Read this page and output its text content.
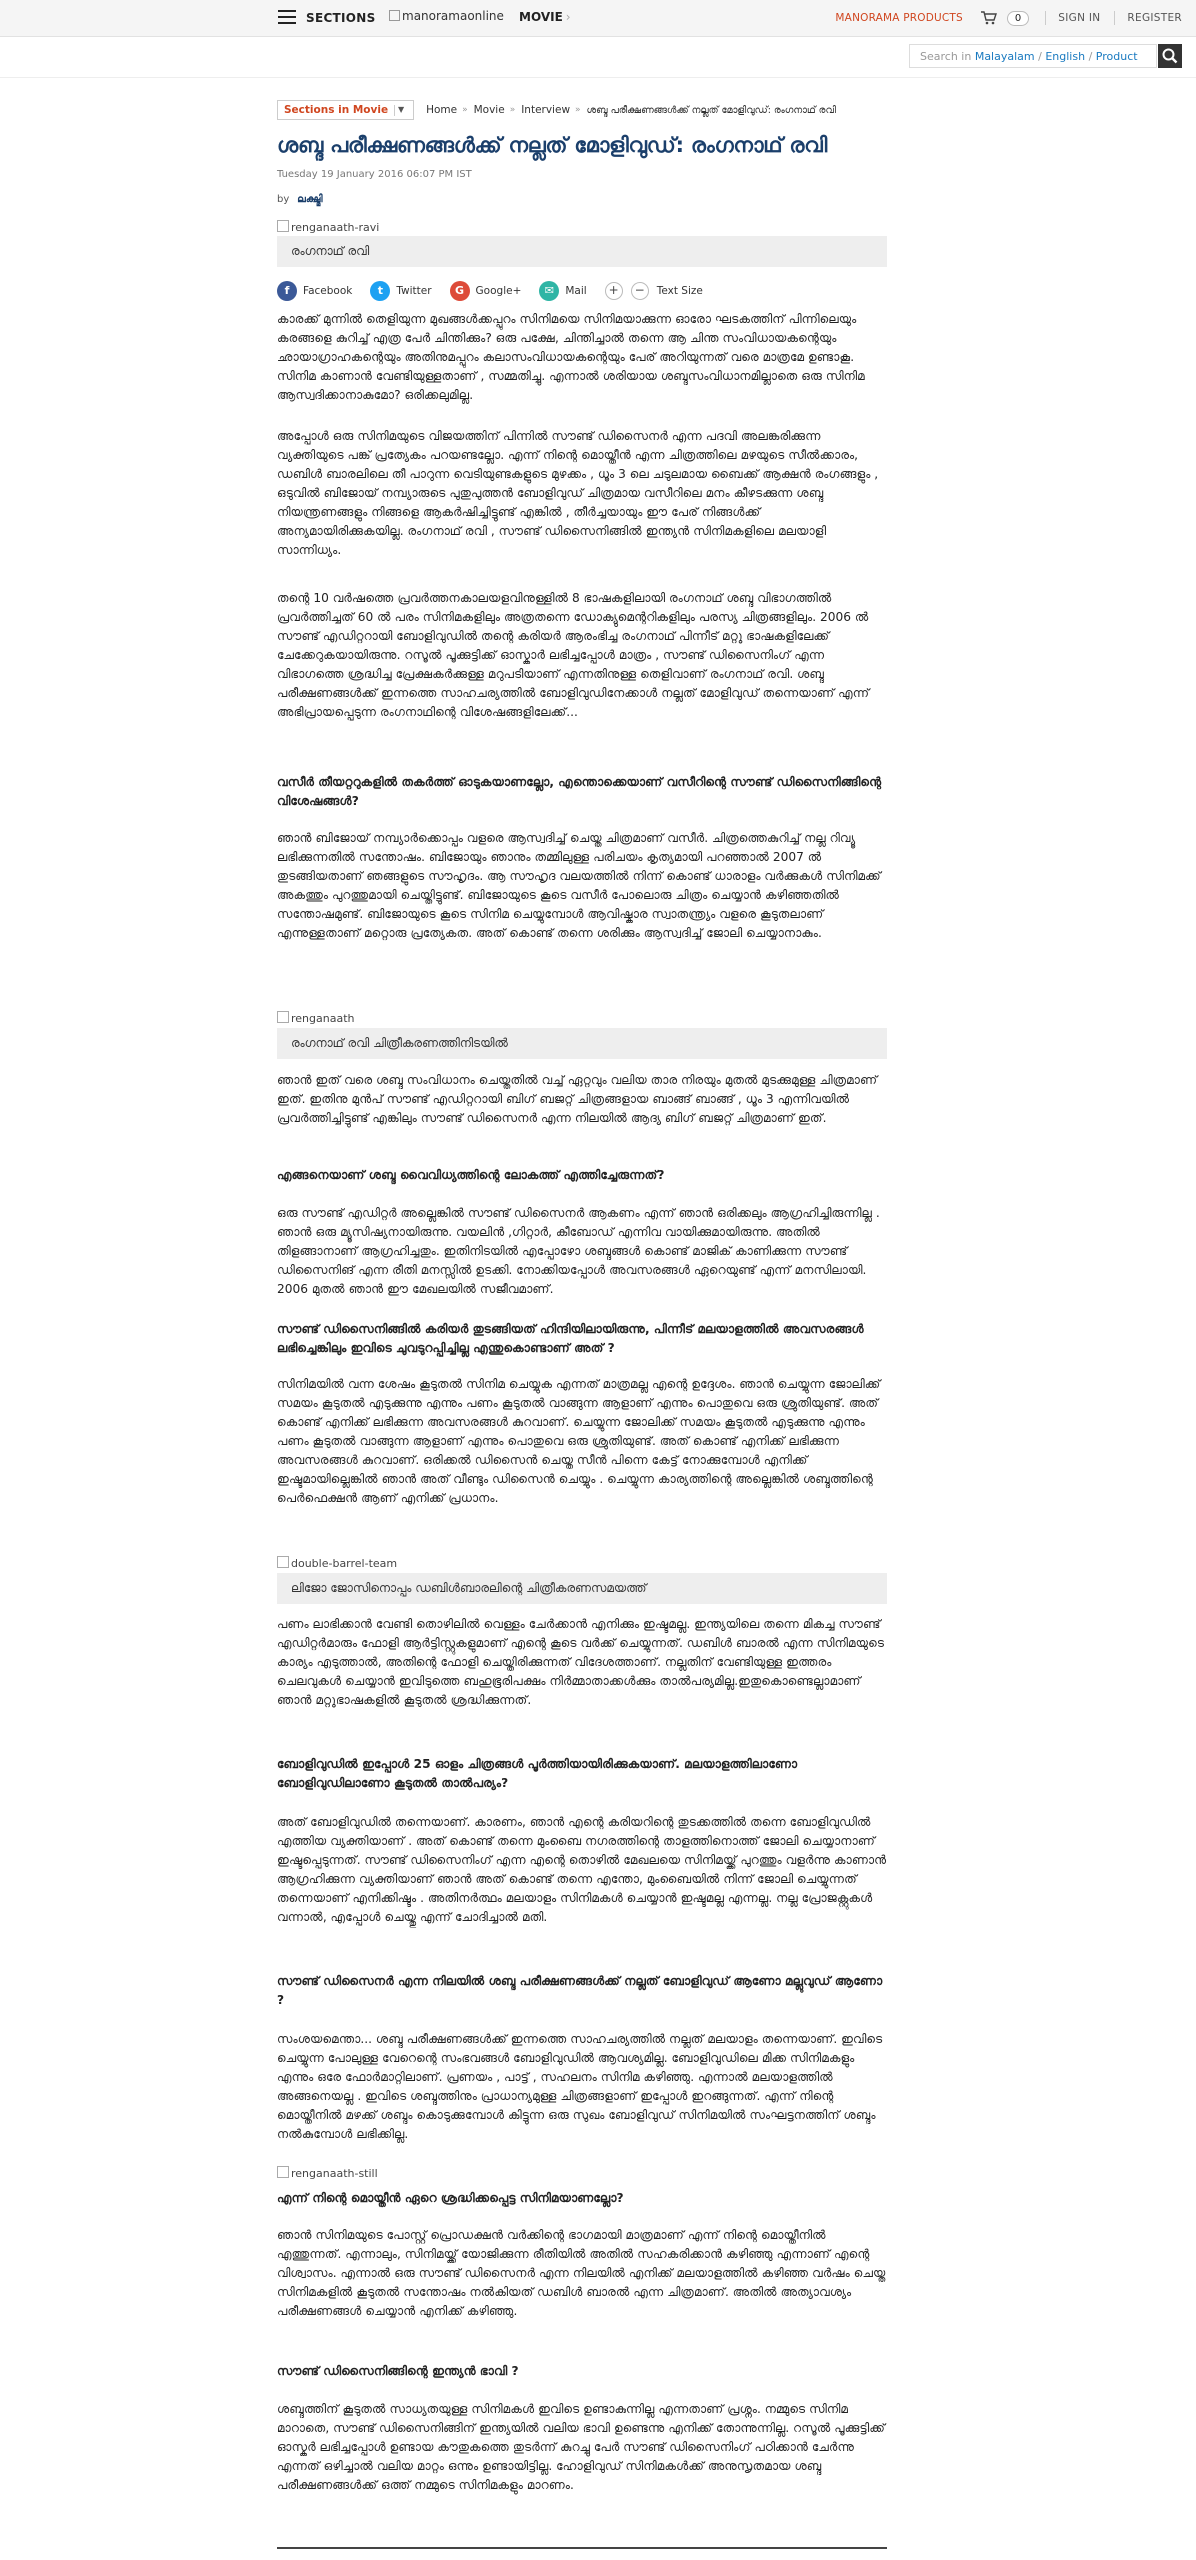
SECTIONS	manoramaonline MOVIE ›	MANORAMA PRODUCTS	0	SIGN IN	REGISTER
Search in Malayalam / English / Product
Sections in Movie	▼ Home » Movie » Interview » ശബ്ദ പരീക്ഷണങ്ങൾക്ക് നല്ലത് മോളിവുഡ്: രംഗനാഥ് രവി
ശബ്ദ പരീക്ഷണങ്ങൾക്ക് നല്ലത് മോളിവുഡ്: രംഗനാഥ് രവി
Tuesday 19 January 2016 06:07 PM IST
by ലക്ഷ്മി
renganaath-ravi
രംഗനാഥ് രവി
f	Facebook	t	Twitter	G	Google+	✉	Mail	+	−	Text Size

കാരക്ക് മുന്നിൽ തെളിയുന്ന മുഖങ്ങൾക്കപ്പുറം സിനിമയെ സിനിമയാക്കുന്ന ഓരോ ഘടകത്തിന് പിന്നിലെയും കരങ്ങളെ കുറിച്ച് എത്ര പേർ ചിന്തിക്കും? ഒരു പക്ഷേ, ചിന്തിച്ചാൽ തന്നെ ആ ചിന്ത സംവിധായകന്റെയും ഛായാഗ്രാഹകന്റെയും അതിനുമപ്പുറം കലാസംവിധായകന്റെയും പേര് അറിയുന്നത് വരെ മാത്രമേ ഉണ്ടാകൂ. സിനിമ കാണാൻ വേണ്ടിയുള്ളതാണ് , സമ്മതിച്ചു. എന്നാൽ ശരിയായ ശബ്ദസംവിധാനമില്ലാതെ ഒരു സിനിമ ആസ്വദിക്കാനാകുമോ? ഒരിക്കലുമില്ല.

അപ്പോൾ ഒരു സിനിമയുടെ വിജയത്തിന് പിന്നിൽ സൗണ്ട് ഡിസൈനർ എന്ന പദവി അലങ്കരിക്കുന്ന വ്യക്തിയുടെ പങ്ക് പ്രത്യേകം പറയണ്ടല്ലോ. എന്ന് നിന്റെ മൊയ്തീൻ എന്ന ചിത്രത്തിലെ മഴയുടെ സീൽക്കാരം, ഡബിൾ ബാരലിലെ തീ പാറുന്ന വെടിയുണ്ടകളുടെ മുഴക്കം , ധൂം 3 ലെ ചടുലമായ ബൈക്ക് ആക്ഷൻ രംഗങ്ങളും , ഒടുവിൽ ബിജോയ് നമ്പ്യാരുടെ പുതുപുത്തൻ ബോളിവുഡ് ചിത്രമായ വസീറിലെ മനം കീഴടക്കുന്ന ശബ്ദ നിയന്ത്രണങ്ങളും നിങ്ങളെ ആകർഷിച്ചിട്ടുണ്ട് എങ്കിൽ , തീർച്ചയായും ഈ പേര് നിങ്ങൾക്ക് അന്യമായിരിക്കുകയില്ല. രംഗനാഥ് രവി , സൗണ്ട് ഡിസൈനിങ്ങിൽ ഇന്ത്യൻ സിനിമകളിലെ മലയാളി സാന്നിധ്യം.

തന്റെ 10 വർഷത്തെ പ്രവർത്തനകാലയളവിനുള്ളിൽ 8 ഭാഷകളിലായി രംഗനാഥ് ശബ്ദ വിഭാഗത്തിൽ പ്രവർത്തിച്ചത് 60 ൽ പരം സിനിമകളിലും അത്രതന്നെ ഡോക്യുമെന്ററികളിലും പരസ്യ ചിത്രങ്ങളിലും. 2006 ൽ സൗണ്ട് എഡിറ്ററായി ബോളിവുഡിൽ തന്റെ കരിയർ ആരംഭിച്ച രംഗനാഥ് പിന്നീട് മറ്റു ഭാഷകളിലേക്ക് ചേക്കേറുകയായിരുന്നു. റസൂൽ പൂക്കുട്ടിക്ക് ഓസ്കാർ ലഭിച്ചപ്പോൾ മാത്രം , സൗണ്ട് ഡിസൈനിംഗ് എന്ന വിഭാഗത്തെ ശ്രദ്ധിച്ച പ്രേക്ഷകർക്കുള്ള മറുപടിയാണ് എന്നതിനുള്ള തെളിവാണ് രംഗനാഥ് രവി. ശബ്ദ പരീക്ഷണങ്ങൾക്ക് ഇന്നത്തെ സാഹചര്യത്തിൽ ബോളിവുഡിനേക്കാൾ നല്ലത് മോളിവുഡ് തന്നെയാണ് എന്ന് അഭിപ്രായപ്പെടുന്ന രംഗനാഥിന്റെ വിശേഷങ്ങളിലേക്ക്...

വസീർ തീയറ്ററുകളിൽ തകർത്ത് ഓടുകയാണല്ലോ, എന്തൊക്കെയാണ് വസീറിന്റെ സൗണ്ട് ഡിസൈനിങ്ങിന്റെ വിശേഷങ്ങൾ?

ഞാൻ ബിജോയ് നമ്പ്യാർക്കൊപ്പം വളരെ ആസ്വദിച്ച് ചെയ്ത ചിത്രമാണ് വസീർ. ചിത്രത്തെകുറിച്ച് നല്ല റിവ്യൂ ലഭിക്കുന്നതിൽ സന്തോഷം. ബിജോയും ഞാനും തമ്മിലുള്ള പരിചയം കൃത്യമായി പറഞ്ഞാൽ 2007 ൽ തുടങ്ങിയതാണ് ഞങ്ങളുടെ സൗഹൃദം. ആ സൗഹൃദ വലയത്തിൽ നിന്ന് കൊണ്ട് ധാരാളം വർക്കുകൾ സിനിമക്ക് അകത്തും പുറത്തുമായി ചെയ്തിട്ടുണ്ട്. ബിജോയുടെ കൂടെ വസീർ പോലൊരു ചിത്രം ചെയ്യാൻ കഴിഞ്ഞതിൽ സന്തോഷമുണ്ട്. ബിജോയുടെ കൂടെ സിനിമ ചെയ്യുമ്പോൾ ആവിഷ്കാര സ്വാതന്ത്ര്യം വളരെ കൂടുതലാണ് എന്നുള്ളതാണ് മറ്റൊരു പ്രത്യേകത. അത് കൊണ്ട് തന്നെ ശരിക്കും ആസ്വദിച്ച് ജോലി ചെയ്യാനാകും.

renganaath
രംഗനാഥ് രവി ചിത്രീകരണത്തിനിടയിൽ

ഞാൻ ഇത് വരെ ശബ്ദ സംവിധാനം ചെയ്തതിൽ വച്ച് ഏറ്റവും വലിയ താര നിരയും മുതൽ മുടക്കുമുള്ള ചിത്രമാണ് ഇത്. ഇതിനു മുൻപ് സൗണ്ട് എഡിറ്ററായി ബിഗ് ബജറ്റ് ചിത്രങ്ങളായ ബാങ്ങ് ബാങ്ങ് , ധൂം 3 എന്നിവയിൽ പ്രവർത്തിച്ചിട്ടുണ്ട് എങ്കിലും സൗണ്ട് ഡിസൈനർ എന്ന നിലയിൽ ആദ്യ ബിഗ് ബജറ്റ് ചിത്രമാണ് ഇത്.

എങ്ങനെയാണ് ശബ്ദ വൈവിധ്യത്തിന്റെ ലോകത്ത് എത്തിച്ചേരുന്നത്?

ഒരു സൗണ്ട് എഡിറ്റർ അല്ലെങ്കിൽ സൗണ്ട് ഡിസൈനർ ആകണം എന്ന് ഞാൻ ഒരിക്കലും ആഗ്രഹിച്ചിരുന്നില്ല . ഞാൻ ഒരു മ്യൂസിഷ്യനായിരുന്നു. വയലിൻ ,ഗിറ്റാർ, കീബോഡ് എന്നിവ വായിക്കുമായിരുന്നു. അതിൽ തിളങ്ങാനാണ് ആഗ്രഹിച്ചതും. ഇതിനിടയിൽ എപ്പോഴോ ശബ്ദങ്ങൾ കൊണ്ട് മാജിക് കാണിക്കുന്ന സൗണ്ട് ഡിസൈനിങ് എന്ന രീതി മനസ്സിൽ ഉടക്കി. നോക്കിയപ്പോൾ അവസരങ്ങൾ ഏറെയുണ്ട് എന്ന് മനസിലായി. 2006 മുതൽ ഞാൻ ഈ മേഖലയിൽ സജീവമാണ്.

സൗണ്ട് ഡിസൈനിങ്ങിൽ കരിയർ തുടങ്ങിയത് ഹിന്ദിയിലായിരുന്നു, പിന്നീട് മലയാളത്തിൽ അവസരങ്ങൾ ലഭിച്ചെങ്കിലും ഇവിടെ ചുവടുറപ്പിച്ചില്ല എന്തുകൊണ്ടാണ് അത് ?

സിനിമയിൽ വന്ന ശേഷം കൂടുതൽ സിനിമ ചെയ്യുക എന്നത് മാത്രമല്ല എന്റെ ഉദ്ദേശം. ഞാൻ ചെയ്യുന്ന ജോലിക്ക് സമയം കൂടുതൽ എടുക്കുന്നു എന്നും പണം കൂടുതൽ വാങ്ങുന്ന ആളാണ് എന്നും പൊതുവെ ഒരു ശ്രുതിയുണ്ട്. അത് കൊണ്ട് എനിക്ക് ലഭിക്കുന്ന അവസരങ്ങൾ കുറവാണ്. ചെയ്യുന്ന ജോലിക്ക് സമയം കൂടുതൽ എടുക്കുന്നു എന്നും പണം കൂടുതൽ വാങ്ങുന്ന ആളാണ് എന്നും പൊതുവെ ഒരു ശ്രുതിയുണ്ട്. അത് കൊണ്ട് എനിക്ക് ലഭിക്കുന്ന അവസരങ്ങൾ കുറവാണ്. ഒരിക്കൽ ഡിസൈൻ ചെയ്ത സീൻ പിന്നെ കേട്ട് നോക്കുമ്പോൾ എനിക്ക് ഇഷ്ടമായില്ലെങ്കിൽ ഞാൻ അത് വീണ്ടും ഡിസൈൻ ചെയ്യും . ചെയ്യുന്ന കാര്യത്തിന്റെ അല്ലെങ്കിൽ ശബ്ദത്തിന്റെ പെർഫെക്ഷൻ ആണ് എനിക്ക് പ്രധാനം.

double-barrel-team
ലിജോ ജോസിനൊപ്പം ഡബിൾബാരലിന്റെ ചിത്രീകരണസമയത്ത്

പണം ലാഭിക്കാൻ വേണ്ടി തൊഴിലിൽ വെള്ളം ചേർക്കാൻ എനിക്കും ഇഷ്ടമല്ല. ഇന്ത്യയിലെ തന്നെ മികച്ച സൗണ്ട് എഡിറ്റർമാരും ഫോളി ആർട്ടിസ്റ്റുകളുമാണ് എന്റെ കൂടെ വർക്ക് ചെയ്യുന്നത്. ഡബിൾ ബാരൽ എന്ന സിനിമയുടെ കാര്യം എടുത്താൽ, അതിന്റെ ഫോളി ചെയ്തിരിക്കുന്നത് വിദേശത്താണ്. നല്ലതിന് വേണ്ടിയുള്ള ഇത്തരം ചെലവുകൾ ചെയ്യാൻ ഇവിടുത്തെ ബഹുഭൂരിപക്ഷം നിർമ്മാതാക്കൾക്കും താൽപര്യമില്ല.ഇതുകൊണ്ടെല്ലാമാണ് ഞാൻ മറ്റുഭാഷകളിൽ കൂടുതൽ ശ്രദ്ധിക്കുന്നത്.

ബോളിവുഡിൽ ഇപ്പോൾ 25 ഓളം ചിത്രങ്ങൾ പൂർത്തിയായിരിക്കുകയാണ്. മലയാളത്തിലാണോ ബോളിവുഡിലാണോ കൂടുതൽ താൽപര്യം?

അത് ബോളിവുഡിൽ തന്നെയാണ്. കാരണം, ഞാൻ എന്റെ കരിയറിന്റെ തുടക്കത്തിൽ തന്നെ ബോളിവുഡിൽ എത്തിയ വ്യക്തിയാണ് . അത് കൊണ്ട് തന്നെ മുംബൈ നഗരത്തിന്റെ താളത്തിനൊത്ത് ജോലി ചെയ്യാനാണ് ഇഷ്ടപ്പെടുന്നത്. സൗണ്ട് ഡിസൈനിംഗ് എന്ന എന്റെ തൊഴിൽ മേഖലയെ സിനിമയ്ക്ക് പുറത്തും വളർന്നു കാണാൻ ആഗ്രഹിക്കുന്ന വ്യക്തിയാണ് ഞാൻ അത് കൊണ്ട് തന്നെ എന്തോ, മുംബൈയിൽ നിന്ന് ജോലി ചെയ്യുന്നത് തന്നെയാണ് എനിക്കിഷ്ടം . അതിനർത്ഥം മലയാളം സിനിമകൾ ചെയ്യാൻ ഇഷ്ടമല്ല എന്നല്ല. നല്ല പ്രോജക്റ്റുകൾ വന്നാൽ, എപ്പോൾ ചെയ്തു എന്ന് ചോദിച്ചാൽ മതി.

സൗണ്ട് ഡിസൈനർ എന്ന നിലയിൽ ശബ്ദ പരീക്ഷണങ്ങൾക്ക് നല്ലത് ബോളിവുഡ് ആണോ മല്ലുവുഡ് ആണോ ?

സംശയമെന്താ... ശബ്ദ പരീക്ഷണങ്ങൾക്ക് ഇന്നത്തെ സാഹചര്യത്തിൽ നല്ലത് മലയാളം തന്നെയാണ്. ഇവിടെ ചെയ്യുന്ന പോലുള്ള വേറെന്റെ സംഭവങ്ങൾ ബോളിവുഡിൽ ആവശ്യമില്ല. ബോളിവുഡിലെ മിക്ക സിനിമകളും എന്നും ഒരേ ഫോർമാറ്റിലാണ്. പ്രണയം , പാട്ട് , സഹലനം സിനിമ കഴിഞ്ഞു. എന്നാൽ മലയാളത്തിൽ അങ്ങനെയല്ല . ഇവിടെ ശബ്ദത്തിനും പ്രാധാന്യമുള്ള ചിത്രങ്ങളാണ് ഇപ്പോൾ ഇറങ്ങുന്നത്. എന്ന് നിന്റെ മൊയ്തീനിൽ മഴക്ക് ശബ്ദം കൊടുക്കുമ്പോൾ കിട്ടുന്ന ഒരു സുഖം ബോളിവുഡ് സിനിമയിൽ സംഘട്ടനത്തിന് ശബ്ദം നൽകുമ്പോൾ ലഭിക്കില്ല.

renganaath-still

എന്ന് നിന്റെ മൊയ്തീൻ ഏറെ ശ്രദ്ധിക്കപ്പെട്ട സിനിമയാണല്ലോ?

ഞാൻ സിനിമയുടെ പോസ്റ്റ് പ്രൊഡക്ഷൻ വർക്കിന്റെ ഭാഗമായി മാത്രമാണ് എന്ന് നിന്റെ മൊയ്തീനിൽ എത്തുന്നത്. എന്നാലും, സിനിമയ്ക്ക് യോജിക്കുന്ന രീതിയിൽ അതിൽ സഹകരിക്കാൻ കഴിഞ്ഞു എന്നാണ് എന്റെ വിശ്വാസം. എന്നാൽ ഒരു സൗണ്ട് ഡിസൈനർ എന്ന നിലയിൽ എനിക്ക് മലയാളത്തിൽ കഴിഞ്ഞ വർഷം ചെയ്ത സിനിമകളിൽ കൂടുതൽ സന്തോഷം നൽകിയത് ഡബിൾ ബാരൽ എന്ന ചിത്രമാണ്. അതിൽ അത്യാവശ്യം പരീക്ഷണങ്ങൾ ചെയ്യാൻ എനിക്ക് കഴിഞ്ഞു.

സൗണ്ട് ഡിസൈനിങ്ങിന്റെ ഇന്ത്യൻ ഭാവി ?

ശബ്ദത്തിന് കൂടുതൽ സാധ്യതയുള്ള സിനിമകൾ ഇവിടെ ഉണ്ടാകുന്നില്ല എന്നതാണ് പ്രശ്നം. നമ്മുടെ സിനിമ മാറാതെ, സൗണ്ട് ഡിസൈനിങ്ങിന് ഇന്ത്യയിൽ വലിയ ഭാവി ഉണ്ടെന്നു എനിക്ക് തോന്നുന്നില്ല. റസൂൽ പൂക്കുട്ടിക്ക് ഓസ്കർ ലഭിച്ചപ്പോൾ ഉണ്ടായ കൗതുകത്തെ തുടർന്ന് കുറച്ചു പേർ സൗണ്ട് ഡിസൈനിംഗ് പഠിക്കാൻ ചേർന്നു എന്നത് ഒഴിച്ചാൽ വലിയ മാറ്റം ഒന്നും ഉണ്ടായിട്ടില്ല. ഹോളിവുഡ് സിനിമകൾക്ക് അനുസൃതമായ ശബ്ദ പരീക്ഷണങ്ങൾക്ക് ഒത്ത് നമ്മുടെ സിനിമകളും മാറണം.
